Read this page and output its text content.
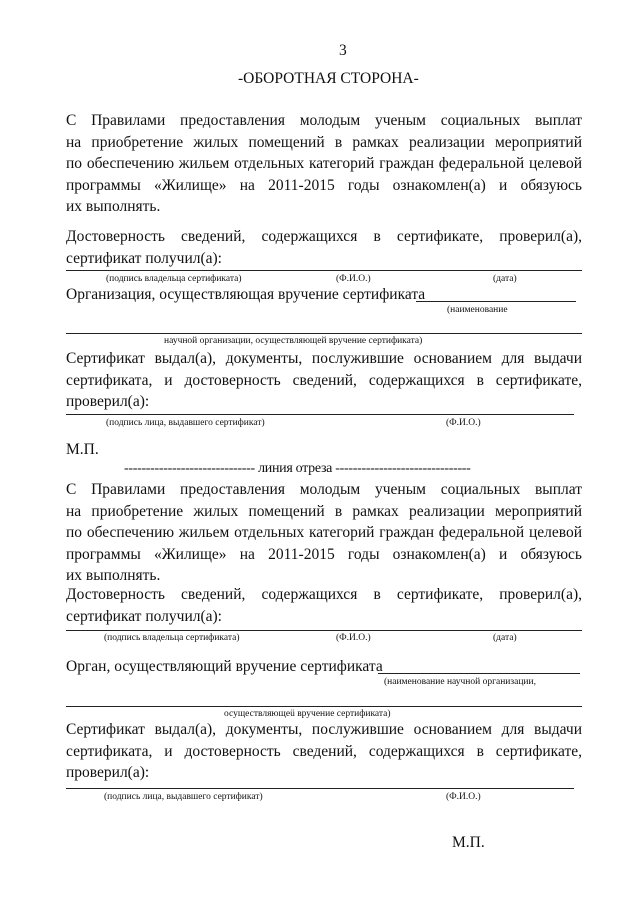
3
-ОБОРОТНАЯ СТОРОНА-
С Правилами предоставления молодым ученым социальных выплат
на приобретение жилых помещений в рамках реализации мероприятий
по обеспечению жильем отдельных категорий граждан федеральной целевой
программы «Жилище» на 2011-2015 годы ознакомлен(а) и обязуюсь
их выполнять.
Достоверность сведений, содержащихся в сертификате, проверил(а),
сертификат получил(а):
(подпись владельца сертификата)	(Ф.И.О.)	(дата)
Организация, осуществляющая вручение сертификата
(наименование
научной организации, осуществляющей вручение сертификата)
Сертификат выдал(а), документы, послужившие основанием для выдачи
сертификата, и достоверность сведений, содержащихся в сертификате,
проверил(а):
(подпись лица, выдавшего сертификат)	(Ф.И.О.)
М.П.
------------------------------ линия отреза -------------------------------
С Правилами предоставления молодым ученым социальных выплат
на приобретение жилых помещений в рамках реализации мероприятий
по обеспечению жильем отдельных категорий граждан федеральной целевой
программы «Жилище» на 2011-2015 годы ознакомлен(а) и обязуюсь
их выполнять.
Достоверность сведений, содержащихся в сертификате, проверил(а),
сертификат получил(а):
(подпись владельца сертификата)	(Ф.И.О.)	(дата)
Орган, осуществляющий вручение сертификата
(наименование научной организации,
осуществляющеü вручение сертификата)
Сертификат выдал(а), документы, послужившие основанием для выдачи
сертификата, и достоверность сведений, содержащихся в сертификате,
проверил(а):
(подпись лица, выдавшего сертификат)	(Ф.И.О.)
М.П.
